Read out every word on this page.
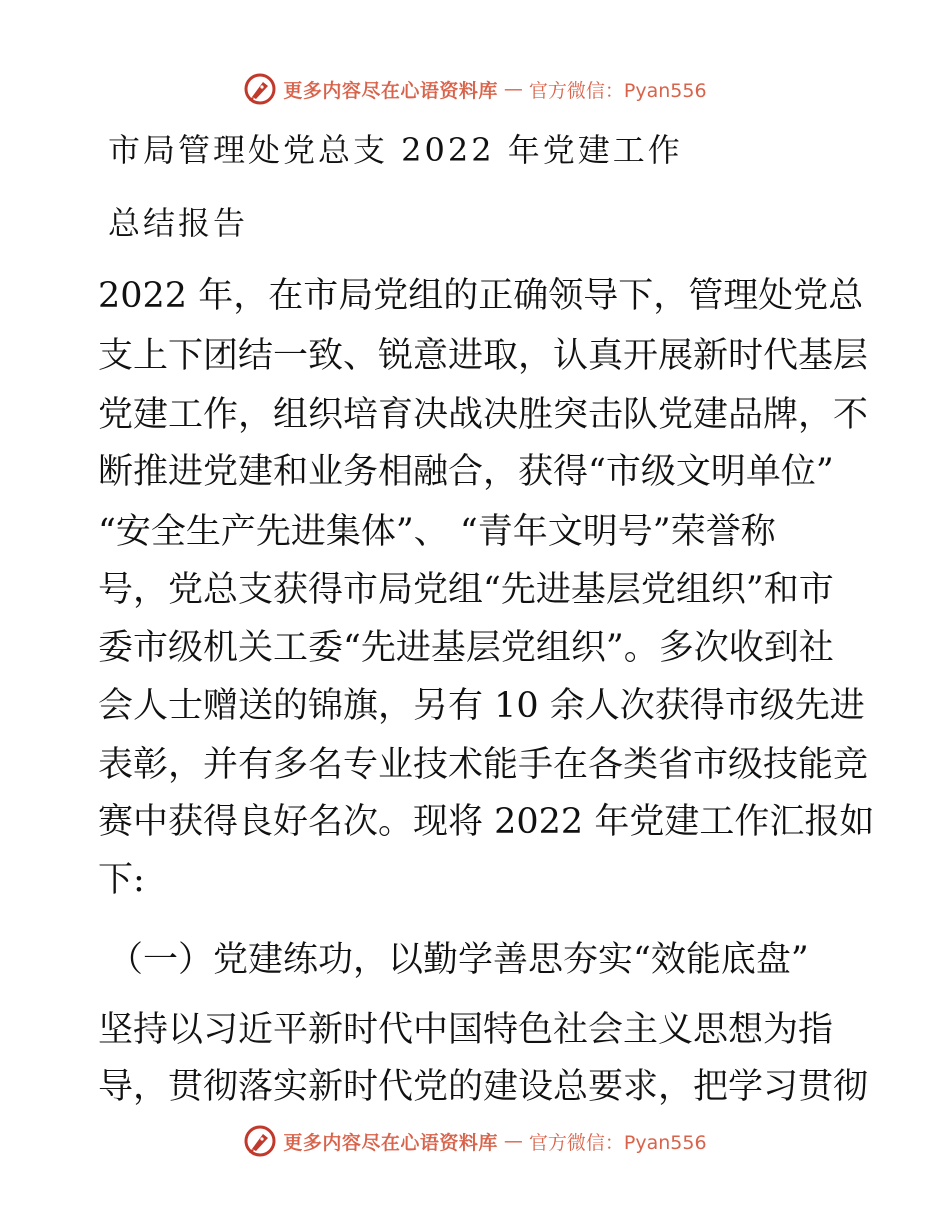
更多内容尽在心语资料库 — 官方微信：Pyan556
市局管理处党总支 2022 年党建工作
总结报告
2022 年，在市局党组的正确领导下，管理处党总
支上下团结一致、锐意进取，认真开展新时代基层
党建工作，组织培育决战决胜突击队党建品牌，不
断推进党建和业务相融合，获得“市级文明单位”
“安全生产先进集体”、 “青年文明号”荣誉称
号，党总支获得市局党组“先进基层党组织”和市
委市级机关工委“先进基层党组织”。多次收到社
会人士赠送的锦旗，另有 10 余人次获得市级先进
表彰，并有多名专业技术能手在各类省市级技能竞
赛中获得良好名次。现将 2022 年党建工作汇报如
下:
（一）党建练功，以勤学善思夯实“效能底盘”
坚持以习近平新时代中国特色社会主义思想为指
导，贯彻落实新时代党的建设总要求，把学习贯彻
更多内容尽在心语资料库 — 官方微信：Pyan556
